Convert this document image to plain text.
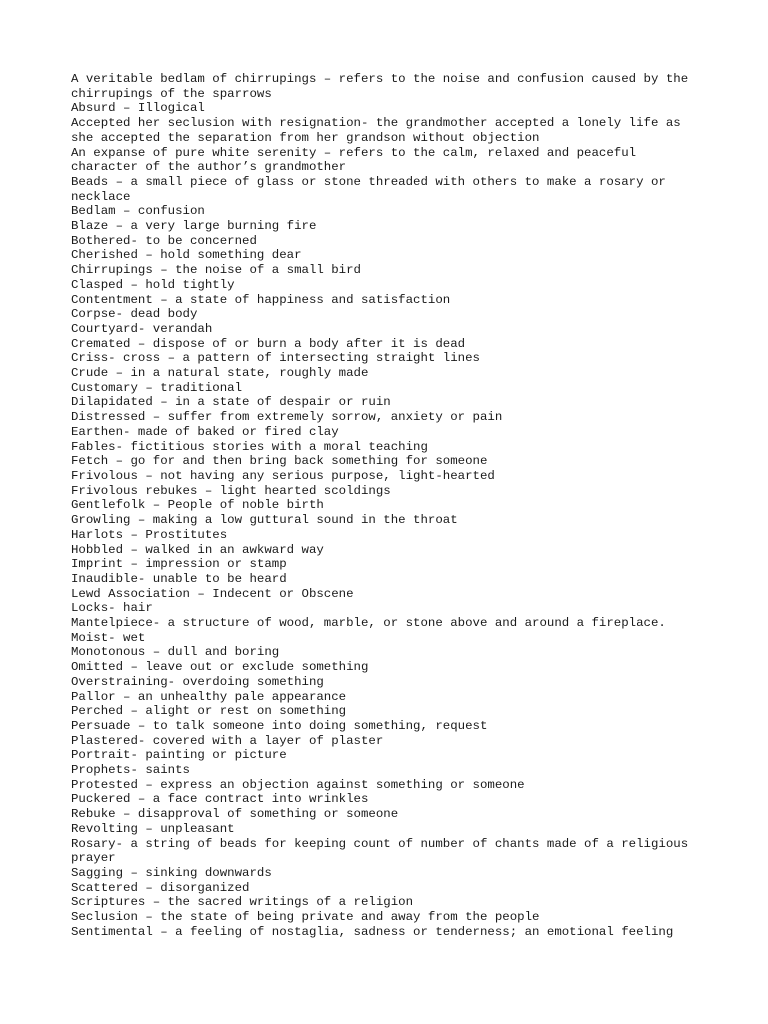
A veritable bedlam of chirrupings – refers to the noise and confusion caused by the
chirrupings of the sparrows
Absurd – Illogical
Accepted her seclusion with resignation- the grandmother accepted a lonely life as
she accepted the separation from her grandson without objection
An expanse of pure white serenity – refers to the calm, relaxed and peaceful
character of the author’s grandmother
Beads – a small piece of glass or stone threaded with others to make a rosary or
necklace
Bedlam – confusion
Blaze – a very large burning fire
Bothered- to be concerned
Cherished – hold something dear
Chirrupings – the noise of a small bird
Clasped – hold tightly
Contentment – a state of happiness and satisfaction
Corpse- dead body
Courtyard- verandah
Cremated – dispose of or burn a body after it is dead
Criss- cross – a pattern of intersecting straight lines
Crude – in a natural state, roughly made
Customary – traditional
Dilapidated – in a state of despair or ruin
Distressed – suffer from extremely sorrow, anxiety or pain
Earthen- made of baked or fired clay
Fables- fictitious stories with a moral teaching
Fetch – go for and then bring back something for someone
Frivolous – not having any serious purpose, light-hearted
Frivolous rebukes – light hearted scoldings
Gentlefolk – People of noble birth
Growling – making a low guttural sound in the throat
Harlots – Prostitutes
Hobbled – walked in an awkward way
Imprint – impression or stamp
Inaudible- unable to be heard
Lewd Association – Indecent or Obscene
Locks- hair
Mantelpiece- a structure of wood, marble, or stone above and around a fireplace.
Moist- wet
Monotonous – dull and boring
Omitted – leave out or exclude something
Overstraining- overdoing something
Pallor – an unhealthy pale appearance
Perched – alight or rest on something
Persuade – to talk someone into doing something, request
Plastered- covered with a layer of plaster
Portrait- painting or picture
Prophets- saints
Protested – express an objection against something or someone
Puckered – a face contract into wrinkles
Rebuke – disapproval of something or someone
Revolting – unpleasant
Rosary- a string of beads for keeping count of number of chants made of a religious
prayer
Sagging – sinking downwards
Scattered – disorganized
Scriptures – the sacred writings of a religion
Seclusion – the state of being private and away from the people
Sentimental – a feeling of nostaglia, sadness or tenderness; an emotional feeling
